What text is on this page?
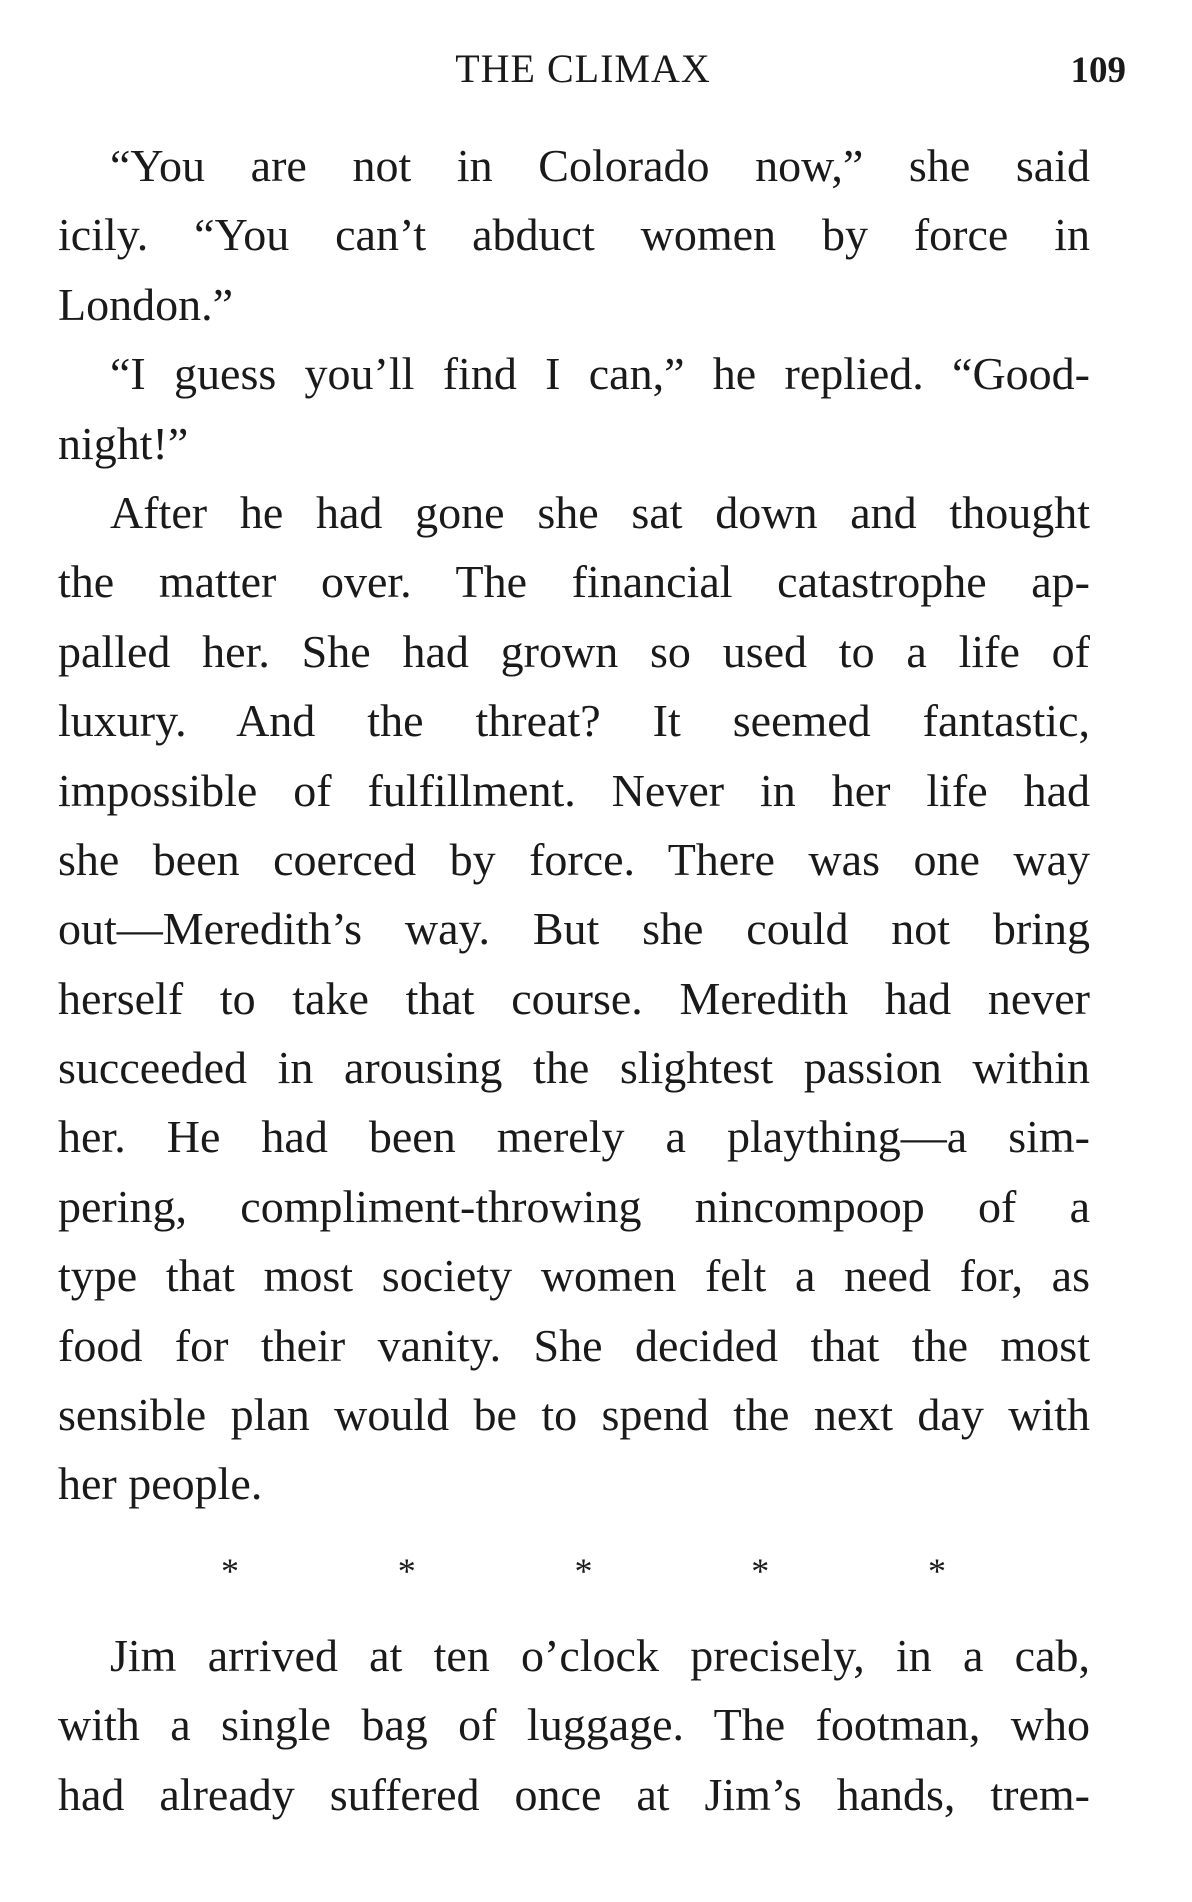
THE CLIMAX	109
“You are not in Colorado now,” she said
icily. “You can’t abduct women by force in
London.”
“I guess you’ll find I can,” he replied. “Good-
night!”
After he had gone she sat down and thought
the matter over. The financial catastrophe ap-
palled her. She had grown so used to a life of
luxury. And the threat? It seemed fantastic,
impossible of fulfillment. Never in her life had
she been coerced by force. There was one way
out—Meredith’s way. But she could not bring
herself to take that course. Meredith had never
succeeded in arousing the slightest passion within
her. He had been merely a plaything—a sim-
pering, compliment-throwing nincompoop of a
type that most society women felt a need for, as
food for their vanity. She decided that the most
sensible plan would be to spend the next day with
her people.
*	*	*	*	*
Jim arrived at ten o’clock precisely, in a cab,
with a single bag of luggage. The footman, who
had already suffered once at Jim’s hands, trem-
